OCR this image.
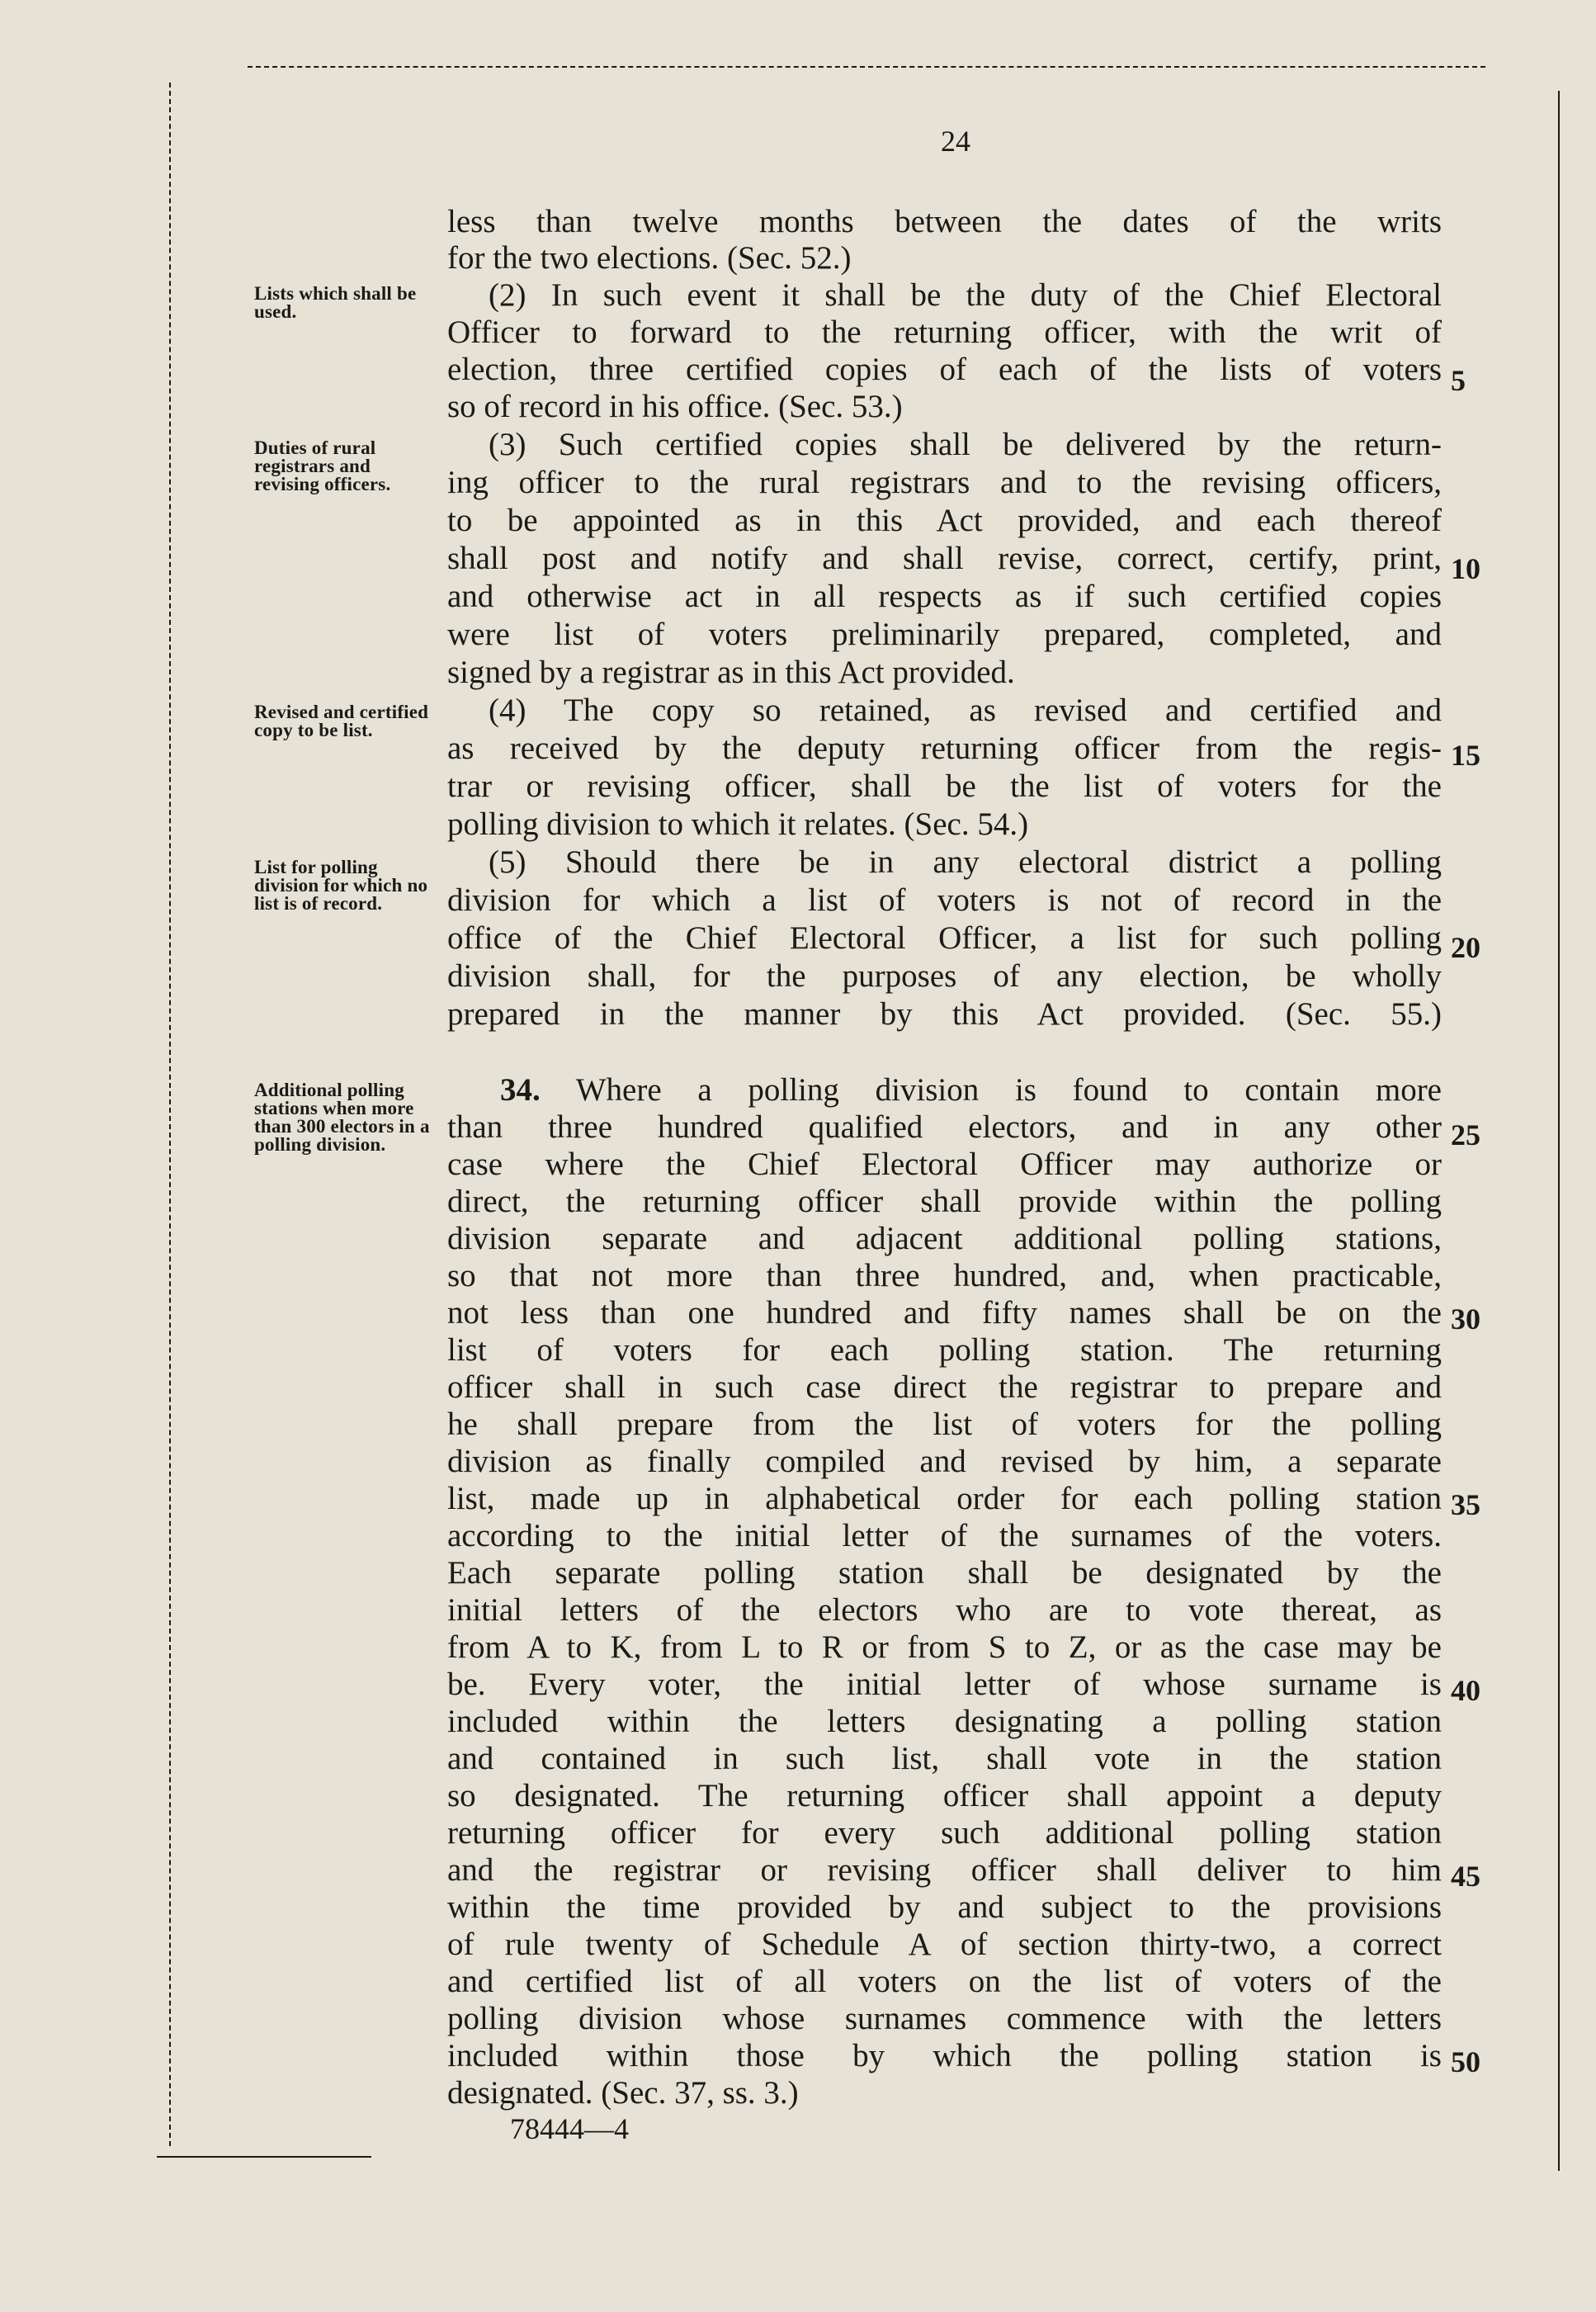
24
Lists which shall be used.
Duties of rural registrars and revising officers.
Revised and certified copy to be list.
List for polling division for which no list is of record.
Additional polling stations when more than 300 electors in a polling division.
less than twelve months between the dates of the writs
for the two elections. (Sec. 52.)
(2) In such event it shall be the duty of the Chief Electoral
Officer to forward to the returning officer, with the writ of
election, three certified copies of each of the lists of voters
so of record in his office. (Sec. 53.)
(3) Such certified copies shall be delivered by the return-
ing officer to the rural registrars and to the revising officers,
to be appointed as in this Act provided, and each thereof
shall post and notify and shall revise, correct, certify, print,
and otherwise act in all respects as if such certified copies
were list of voters preliminarily prepared, completed, and
signed by a registrar as in this Act provided.
(4) The copy so retained, as revised and certified and
as received by the deputy returning officer from the regis-
trar or revising officer, shall be the list of voters for the
polling division to which it relates. (Sec. 54.)
(5) Should there be in any electoral district a polling
division for which a list of voters is not of record in the
office of the Chief Electoral Officer, a list for such polling
division shall, for the purposes of any election, be wholly
prepared in the manner by this Act provided. (Sec. 55.)
34. Where a polling division is found to contain more
than three hundred qualified electors, and in any other
case where the Chief Electoral Officer may authorize or
direct, the returning officer shall provide within the polling
division separate and adjacent additional polling stations,
so that not more than three hundred, and, when practicable,
not less than one hundred and fifty names shall be on the
list of voters for each polling station. The returning
officer shall in such case direct the registrar to prepare and
he shall prepare from the list of voters for the polling
division as finally compiled and revised by him, a separate
list, made up in alphabetical order for each polling station
according to the initial letter of the surnames of the voters.
Each separate polling station shall be designated by the
initial letters of the electors who are to vote thereat, as
from A to K, from L to R or from S to Z, or as the case may be
be. Every voter, the initial letter of whose surname is
included within the letters designating a polling station
and contained in such list, shall vote in the station
so designated. The returning officer shall appoint a deputy
returning officer for every such additional polling station
and the registrar or revising officer shall deliver to him
within the time provided by and subject to the provisions
of rule twenty of Schedule A of section thirty-two, a correct
and certified list of all voters on the list of voters of the
polling division whose surnames commence with the letters
included within those by which the polling station is
designated. (Sec. 37, ss. 3.)
5
10
15
20
25
30
35
40
45
50
78444—4
